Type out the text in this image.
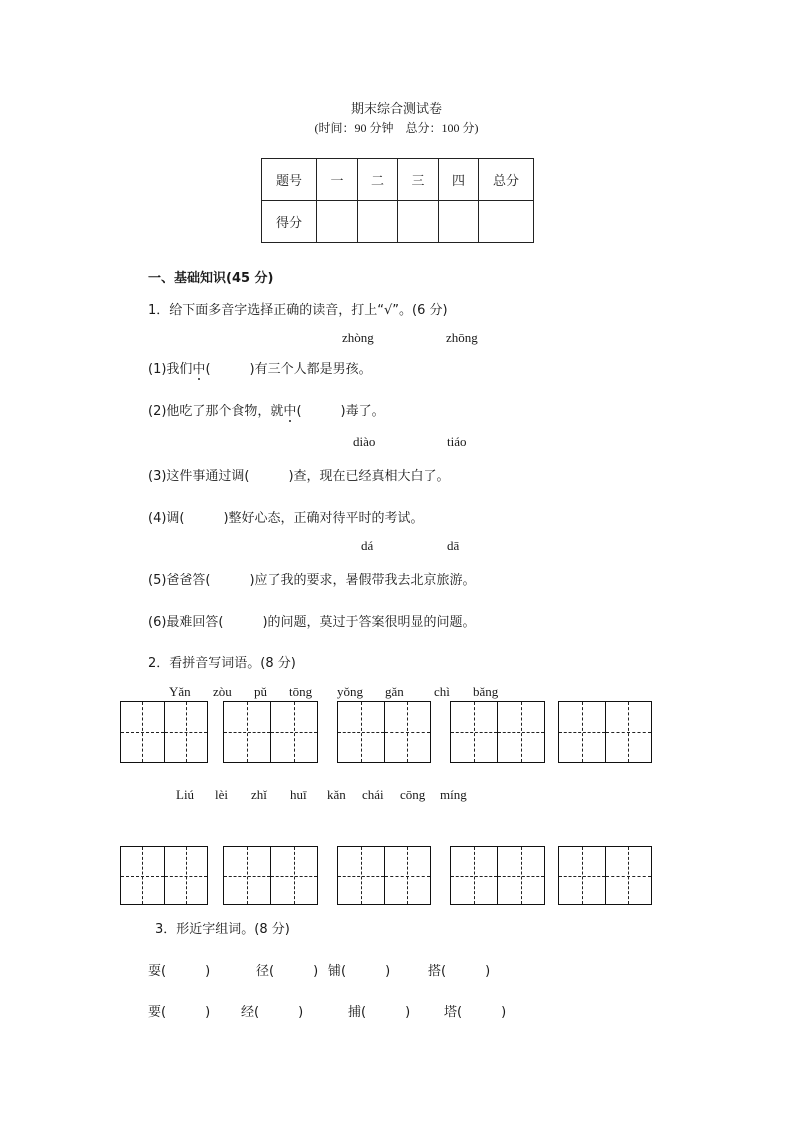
期末综合测试卷
(时间：90 分钟　总分：100 分)
题号	一	二	三	四	总分
得分					
一、基础知识(45 分)
1．给下面多音字选择正确的读音，打上“√”。(6 分)
zhòng	zhōng
(1)我们中(　　　)有三个人都是男孩。
(2)他吃了那个食物，就中(　　　)毒了。
diào	tiáo
(3)这件事通过调(　　　)查，现在已经真相大白了。
(4)调(　　　)整好心态，正确对待平时的考试。
dá	dā
(5)爸爸答(　　　)应了我的要求，暑假带我去北京旅游。
(6)最难回答(　　　)的问题，莫过于答案很明显的问题。
2．看拼音写词语。(8 分)
Yǎn zòu pǔ tōng yǒng gǎn chì bǎng
Liú lèi zhǐ huī kǎn chái cōng míng
3．形近字组词。(8 分)
耍(　　　)	径(　　　) 铺(　　　)	搭(　　　)
要(　　　) 经(　　　)	捕(　　　)	塔(　　　)
